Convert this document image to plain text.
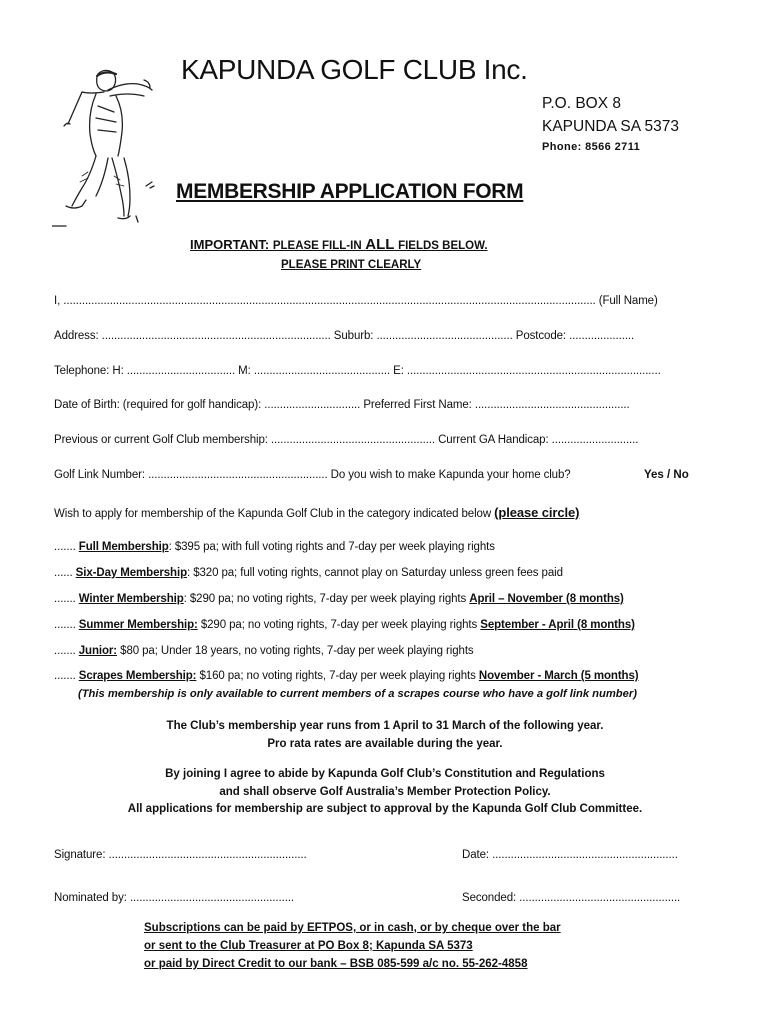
KAPUNDA GOLF CLUB Inc.
P.O. BOX 8
KAPUNDA SA 5373
Phone: 8566 2711
MEMBERSHIP APPLICATION FORM
IMPORTANT: PLEASE FILL-IN ALL FIELDS BELOW.
PLEASE PRINT CLEARLY
I, ............................................................................................................................................................................ (Full Name)
Address: .......................................................................... Suburb: ............................................ Postcode: .....................
Telephone: H: ................................... M: ............................................ E: ..................................................................................
Date of Birth: (required for golf handicap): ............................... Preferred First Name: ..................................................
Previous or current Golf Club membership: ..................................................... Current GA Handicap: ............................
Golf Link Number: .......................................................... Do you wish to make Kapunda your home club?	Yes / No
Wish to apply for membership of the Kapunda Golf Club in the category indicated below (please circle)
....... Full Membership: $395 pa; with full voting rights and 7-day per week playing rights
...... Six-Day Membership: $320 pa; full voting rights, cannot play on Saturday unless green fees paid
....... Winter Membership: $290 pa; no voting rights, 7-day per week playing rights April – November (8 months)
....... Summer Membership: $290 pa; no voting rights, 7-day per week playing rights September - April (8 months)
....... Junior: $80 pa; Under 18 years, no voting rights, 7-day per week playing rights
....... Scrapes Membership: $160 pa; no voting rights, 7-day per week playing rights November - March (5 months)
(This membership is only available to current members of a scrapes course who have a golf link number)
The Club’s membership year runs from 1 April to 31 March of the following year.
Pro rata rates are available during the year.
By joining I agree to abide by Kapunda Golf Club’s Constitution and Regulations
and shall observe Golf Australia’s Member Protection Policy.
All applications for membership are subject to approval by the Kapunda Golf Club Committee.
Signature: ................................................................	Date: ............................................................
Nominated by: .....................................................	Seconded: ....................................................
Subscriptions can be paid by EFTPOS, or in cash, or by cheque over the bar
or sent to the Club Treasurer at PO Box 8; Kapunda SA 5373
or paid by Direct Credit to our bank – BSB 085-599 a/c no. 55-262-4858
